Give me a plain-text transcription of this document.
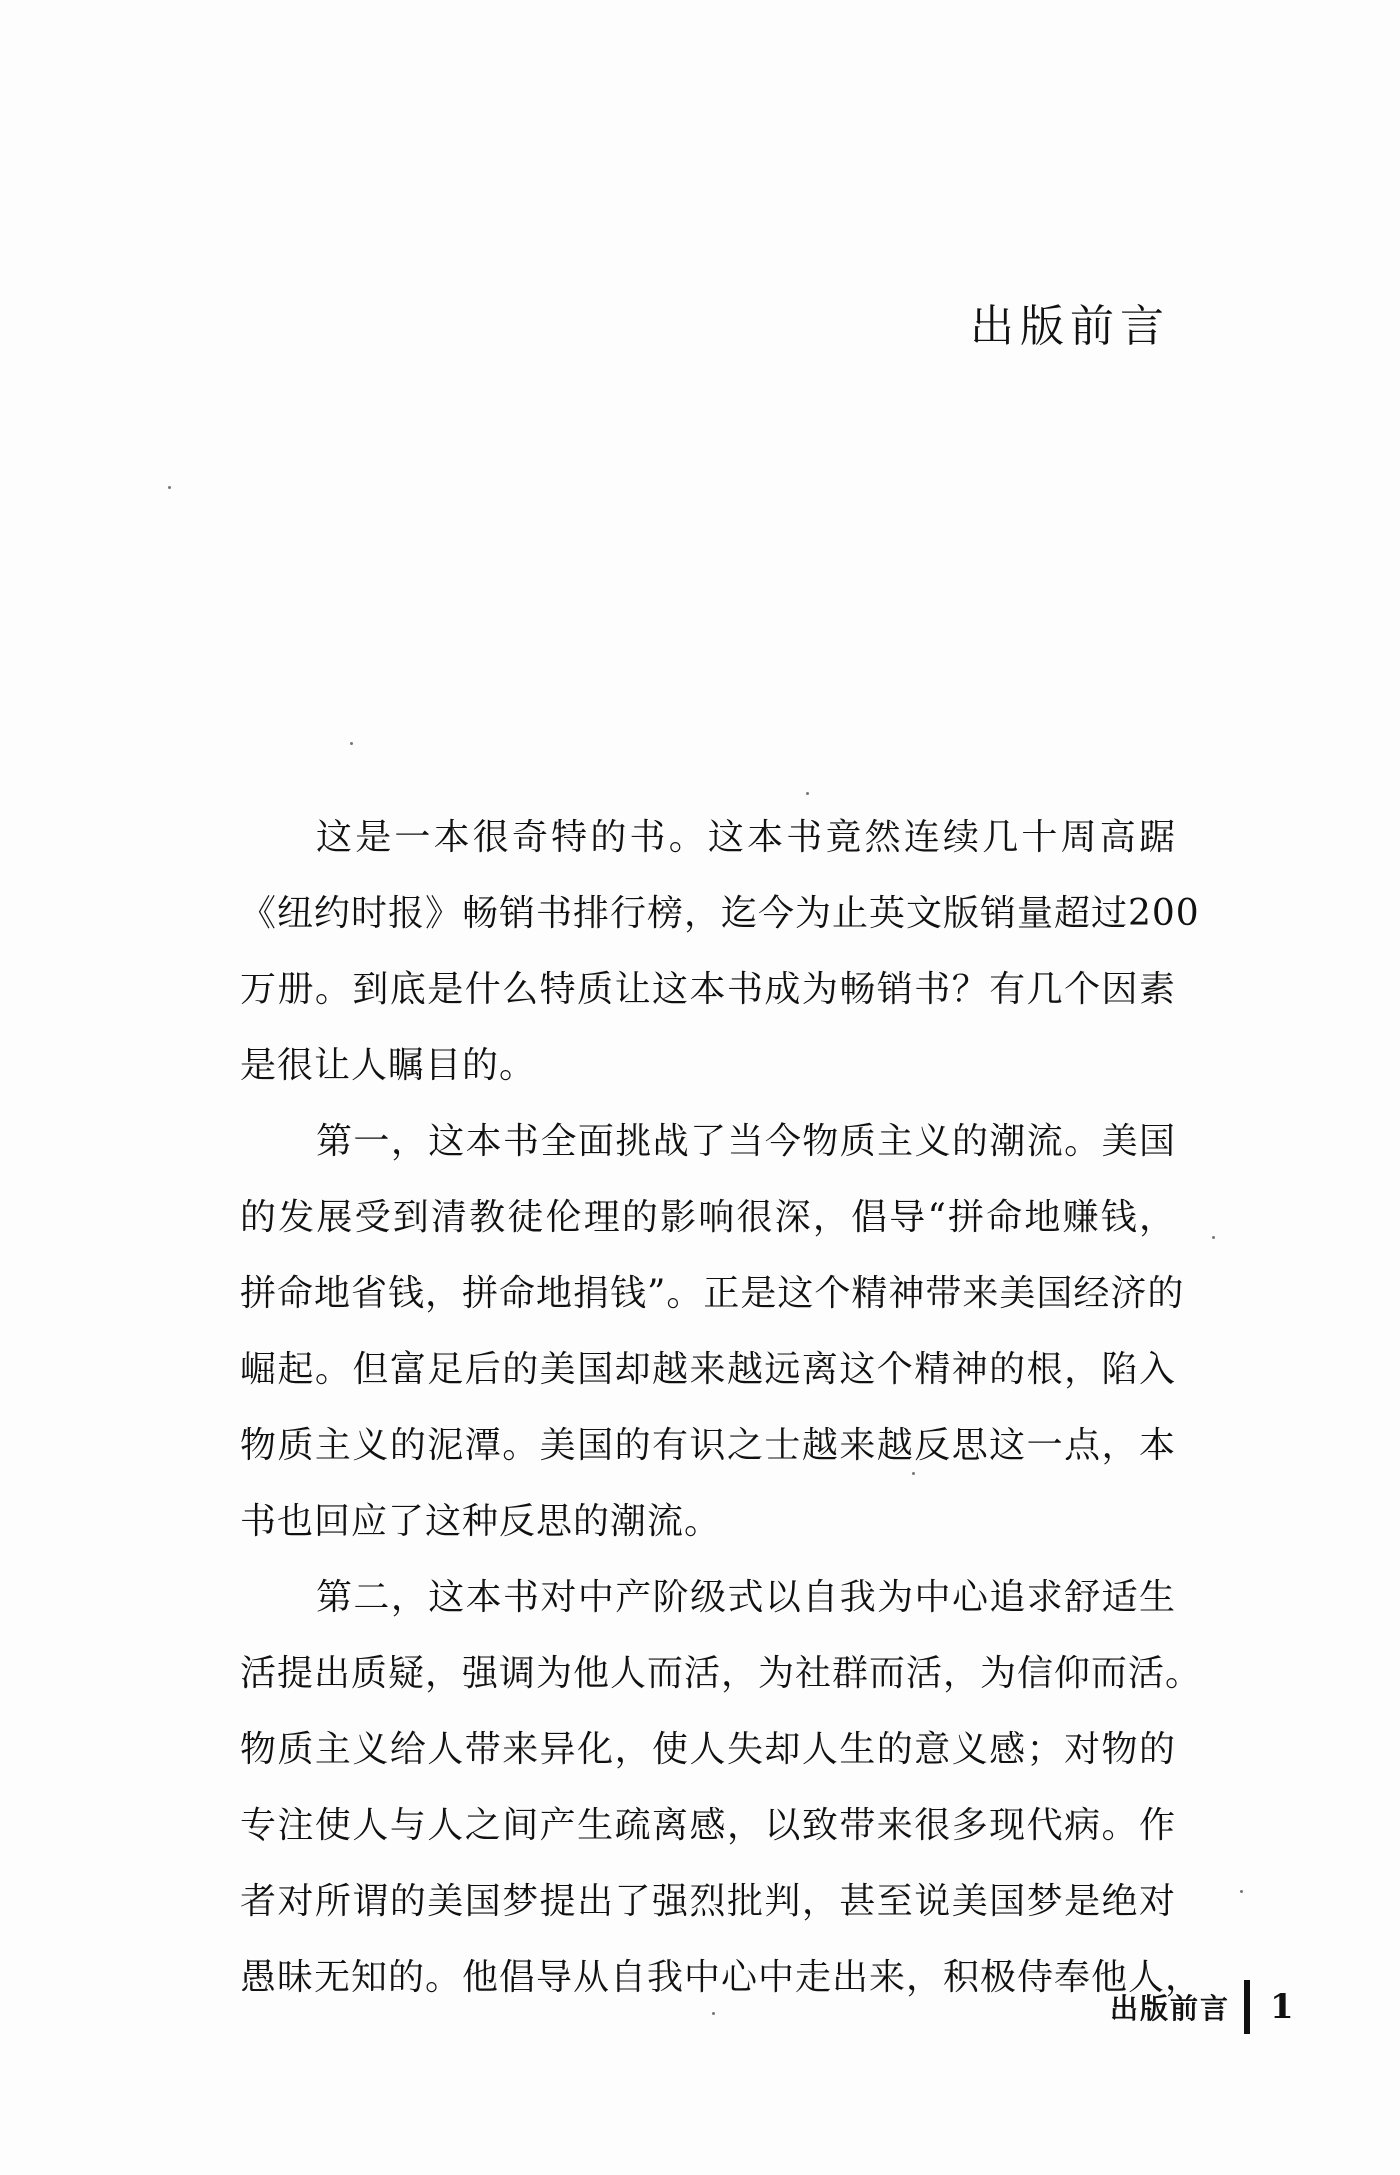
出版前言
这是一本很奇特的书。这本书竟然连续几十周高踞
《纽约时报》畅销书排行榜，迄今为止英文版销量超过200
万册。到底是什么特质让这本书成为畅销书？有几个因素
是很让人瞩目的。
第一，这本书全面挑战了当今物质主义的潮流。美国
的发展受到清教徒伦理的影响很深，倡导“拼命地赚钱，
拼命地省钱，拼命地捐钱”。正是这个精神带来美国经济的
崛起。但富足后的美国却越来越远离这个精神的根，陷入
物质主义的泥潭。美国的有识之士越来越反思这一点，本
书也回应了这种反思的潮流。
第二，这本书对中产阶级式以自我为中心追求舒适生
活提出质疑，强调为他人而活，为社群而活，为信仰而活。
物质主义给人带来异化，使人失却人生的意义感；对物的
专注使人与人之间产生疏离感，以致带来很多现代病。作
者对所谓的美国梦提出了强烈批判，甚至说美国梦是绝对
愚昧无知的。他倡导从自我中心中走出来，积极侍奉他人，
出版前言 1
